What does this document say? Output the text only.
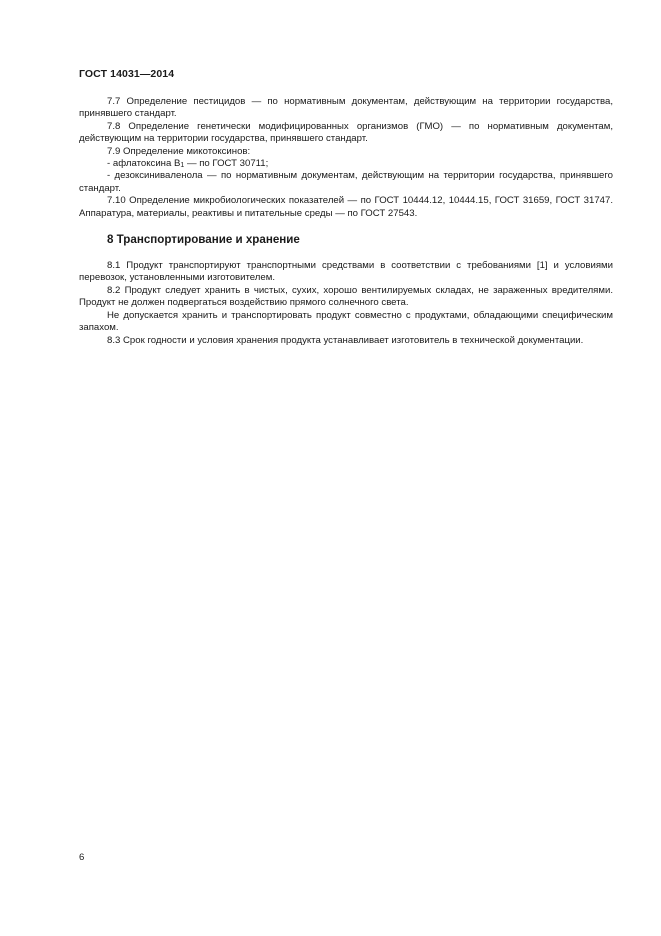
ГОСТ 14031—2014

7.7 Определение пестицидов — по нормативным документам, действующим на территории государства, принявшего стандарт.

7.8 Определение генетически модифицированных организмов (ГМО) — по нормативным документам, действующим на территории государства, принявшего стандарт.

7.9 Определение микотоксинов:

- афлатоксина $B_1$ — по ГОСТ 30711;

- дезоксиниваленола — по нормативным документам, действующим на территории государства, принявшего стандарт.

7.10 Определение микробиологических показателей — по ГОСТ 10444.12, 10444.15, ГОСТ 31659, ГОСТ 31747. Аппаратура, материалы, реактивы и питательные среды — по ГОСТ 27543.

8 Транспортирование и хранение

8.1 Продукт транспортируют транспортными средствами в соответствии с требованиями [1] и условиями перевозок, установленными изготовителем.

8.2 Продукт следует хранить в чистых, сухих, хорошо вентилируемых складах, не зараженных вредителями. Продукт не должен подвергаться воздействию прямого солнечного света.

Не допускается хранить и транспортировать продукт совместно с продуктами, обладающими специфическим запахом.

8.3 Срок годности и условия хранения продукта устанавливает изготовитель в технической документации.

6
